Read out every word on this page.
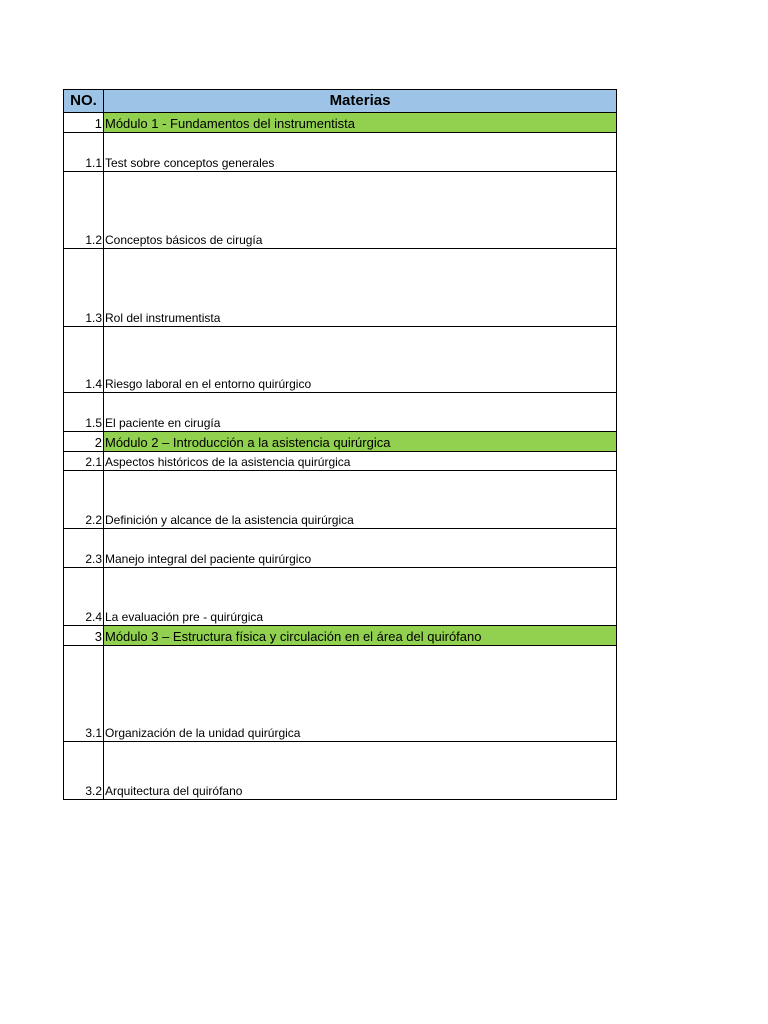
NO.	Materias
1	Módulo 1 - Fundamentos del instrumentista
1.1	Test sobre conceptos generales
1.2	Conceptos básicos de cirugía
1.3	Rol del instrumentista
1.4	Riesgo laboral en el entorno quirúrgico
1.5	El paciente en cirugía
2	Módulo 2 – Introducción a la asistencia quirúrgica
2.1	Aspectos históricos de la asistencia quirúrgica
2.2	Definición y alcance de la asistencia quirúrgica
2.3	Manejo integral del paciente quirúrgico
2.4	La evaluación pre - quirúrgica
3	Módulo 3 – Estructura física y circulación en el área del quirófano
3.1	Organización de la unidad quirúrgica
3.2	Arquitectura del quirófano
